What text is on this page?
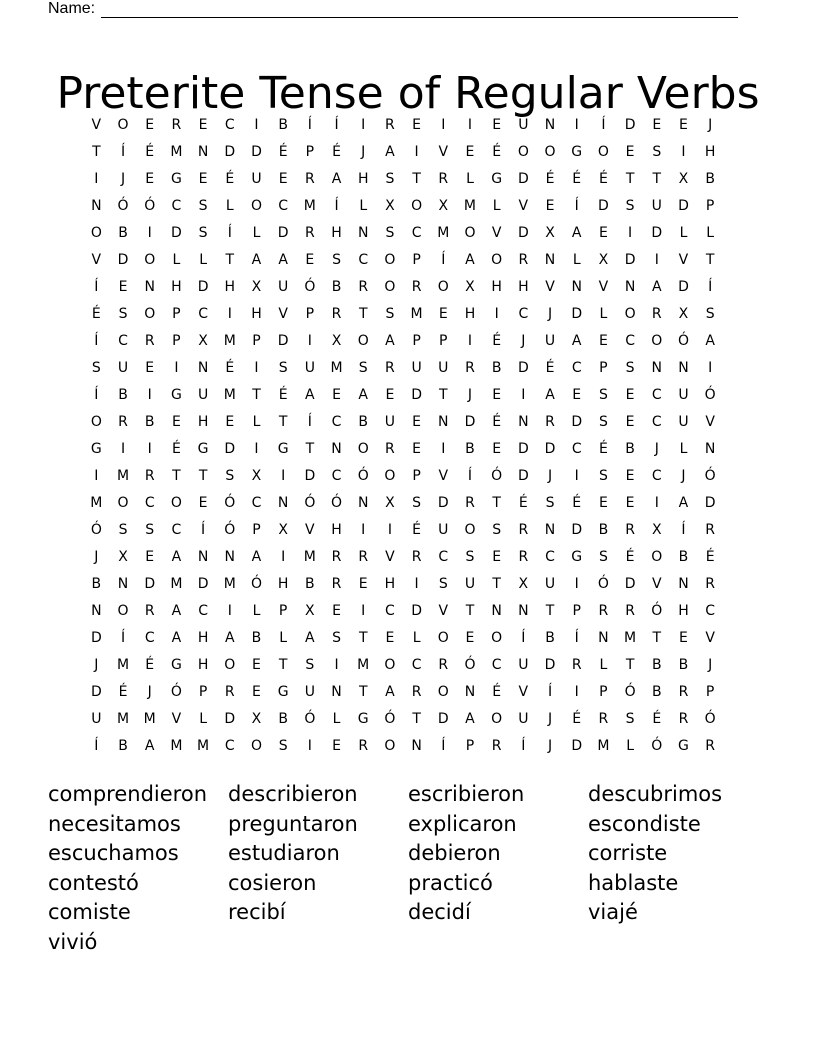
Name:
Preterite Tense of Regular Verbs
V	O	E	R	E	C	I	B	Í	Í	I	R	E	I	I	E	U	N	I	Í	D	E	E	J
T	Í	É	M	N	D	D	É	P	É	J	A	I	V	E	É	O	O	G	O	E	S	I	H
I	J	E	G	E	É	U	E	R	A	H	S	T	R	L	G	D	É	É	É	T	T	X	B
N	Ó	Ó	C	S	L	O	C	M	Í	L	X	O	X	M	L	V	E	Í	D	S	U	D	P
O	B	I	D	S	Í	L	D	R	H	N	S	C	M	O	V	D	X	A	E	I	D	L	L
V	D	O	L	L	T	A	A	E	S	C	O	P	Í	A	O	R	N	L	X	D	I	V	T
Í	E	N	H	D	H	X	U	Ó	B	R	O	R	O	X	H	H	V	N	V	N	A	D	Í
É	S	O	P	C	I	H	V	P	R	T	S	M	E	H	I	C	J	D	L	O	R	X	S
Í	C	R	P	X	M	P	D	I	X	O	A	P	P	I	É	J	U	A	E	C	O	Ó	A
S	U	E	I	N	É	I	S	U	M	S	R	U	U	R	B	D	É	C	P	S	N	N	I
Í	B	I	G	U	M	T	É	A	E	A	E	D	T	J	E	I	A	E	S	E	C	U	Ó
O	R	B	E	H	E	L	T	Í	C	B	U	E	N	D	É	N	R	D	S	E	C	U	V
G	I	I	É	G	D	I	G	T	N	O	R	E	I	B	E	D	D	C	É	B	J	L	N
I	M	R	T	T	S	X	I	D	C	Ó	O	P	V	Í	Ó	D	J	I	S	E	C	J	Ó
M	O	C	O	E	Ó	C	N	Ó	Ó	N	X	S	D	R	T	É	S	É	E	E	I	A	D
Ó	S	S	C	Í	Ó	P	X	V	H	I	I	É	U	O	S	R	N	D	B	R	X	Í	R
J	X	E	A	N	N	A	I	M	R	R	V	R	C	S	E	R	C	G	S	É	O	B	É
B	N	D	M	D	M	Ó	H	B	R	E	H	I	S	U	T	X	U	I	Ó	D	V	N	R
N	O	R	A	C	I	L	P	X	E	I	C	D	V	T	N	N	T	P	R	R	Ó	H	C
D	Í	C	A	H	A	B	L	A	S	T	E	L	O	E	O	Í	B	Í	N	M	T	E	V
J	M	É	G	H	O	E	T	S	I	M	O	C	R	Ó	C	U	D	R	L	T	B	B	J
D	É	J	Ó	P	R	E	G	U	N	T	A	R	O	N	É	V	Í	I	P	Ó	B	R	P
U	M	M	V	L	D	X	B	Ó	L	G	Ó	T	D	A	O	U	J	É	R	S	É	R	Ó
Í	B	A	M	M	C	O	S	I	E	R	O	N	Í	P	R	Í	J	D	M	L	Ó	G	R
comprendieron	describieron	escribieron	descubrimos
necesitamos	preguntaron	explicaron	escondiste
escuchamos	estudiaron	debieron	corriste
contestó	cosieron	practicó	hablaste
comiste	recibí	decidí	viajé
vivió
